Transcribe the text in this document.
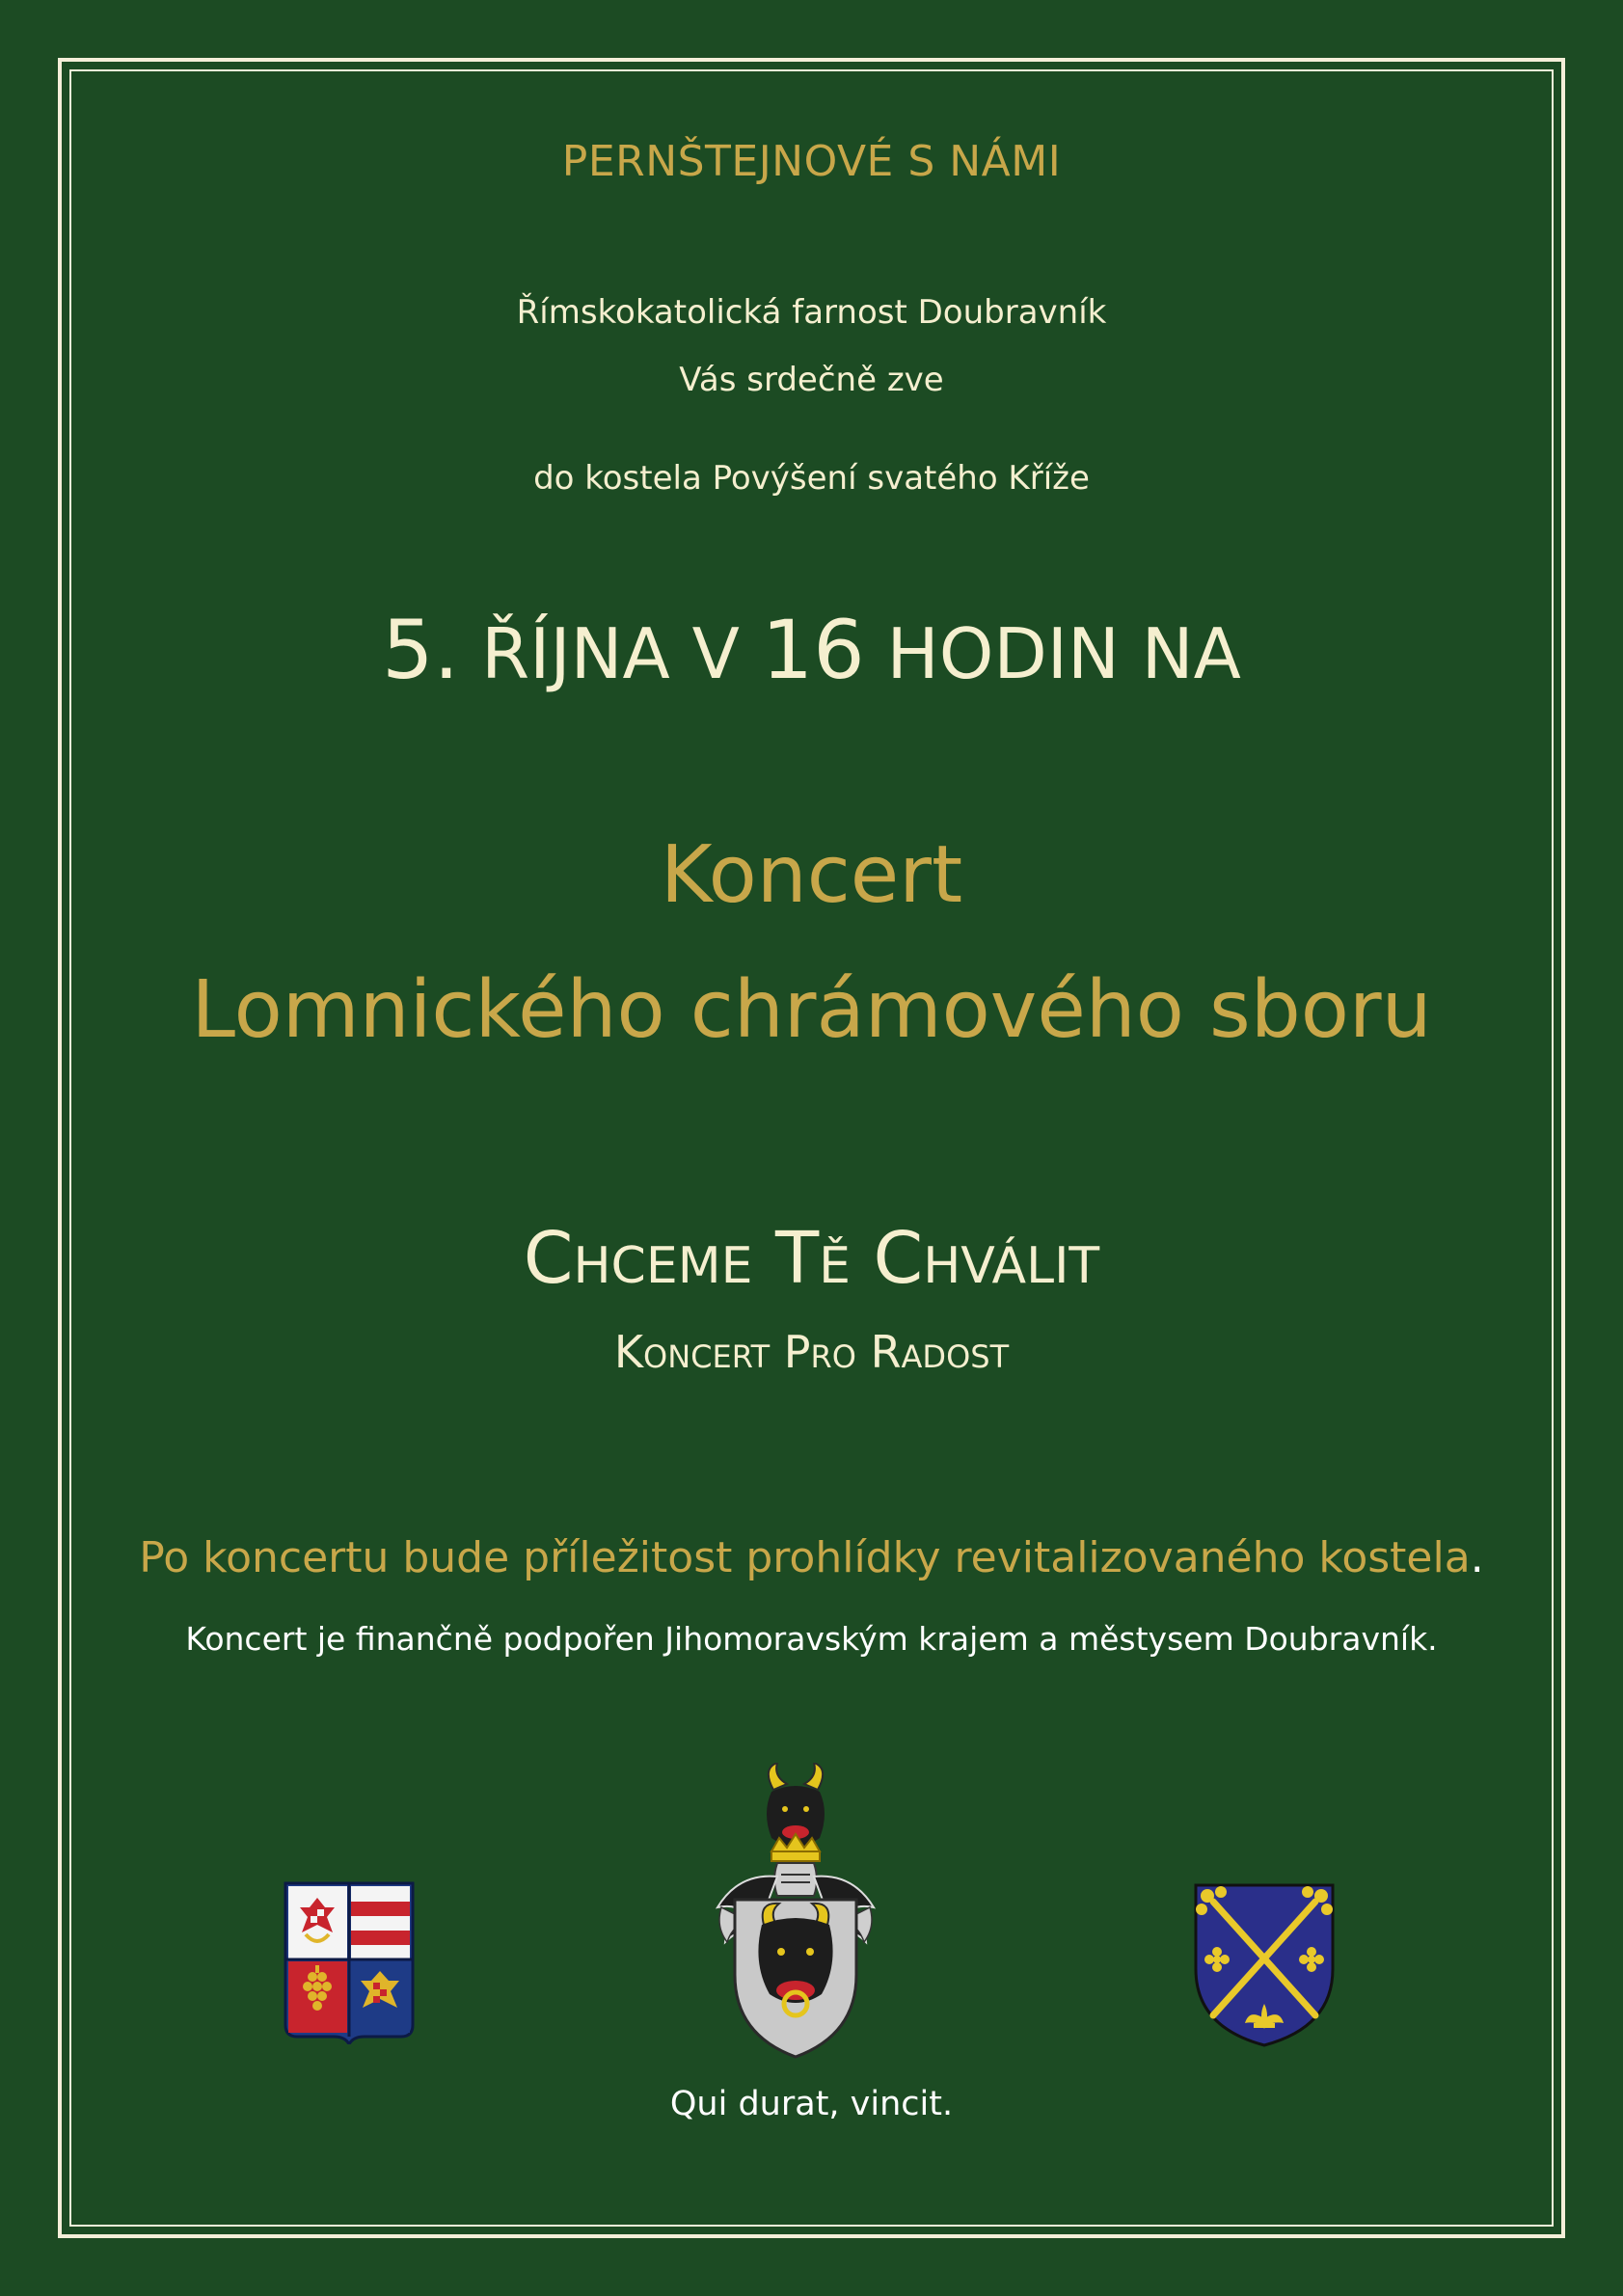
PERNŠTEJNOVÉ S NÁMI
Římskokatolická farnost Doubravník
Vás srdečně zve
do kostela Povýšení svatého Kříže
5. ŘÍJNA V 16 HODIN NA
Koncert
Lomnického chrámového sboru
Chceme Tě Chválit
Koncert Pro Radost
Po koncertu bude příležitost prohlídky revitalizovaného kostela.
Koncert je finančně podpořen Jihomoravským krajem a městysem Doubravník.
Qui durat, vincit.
